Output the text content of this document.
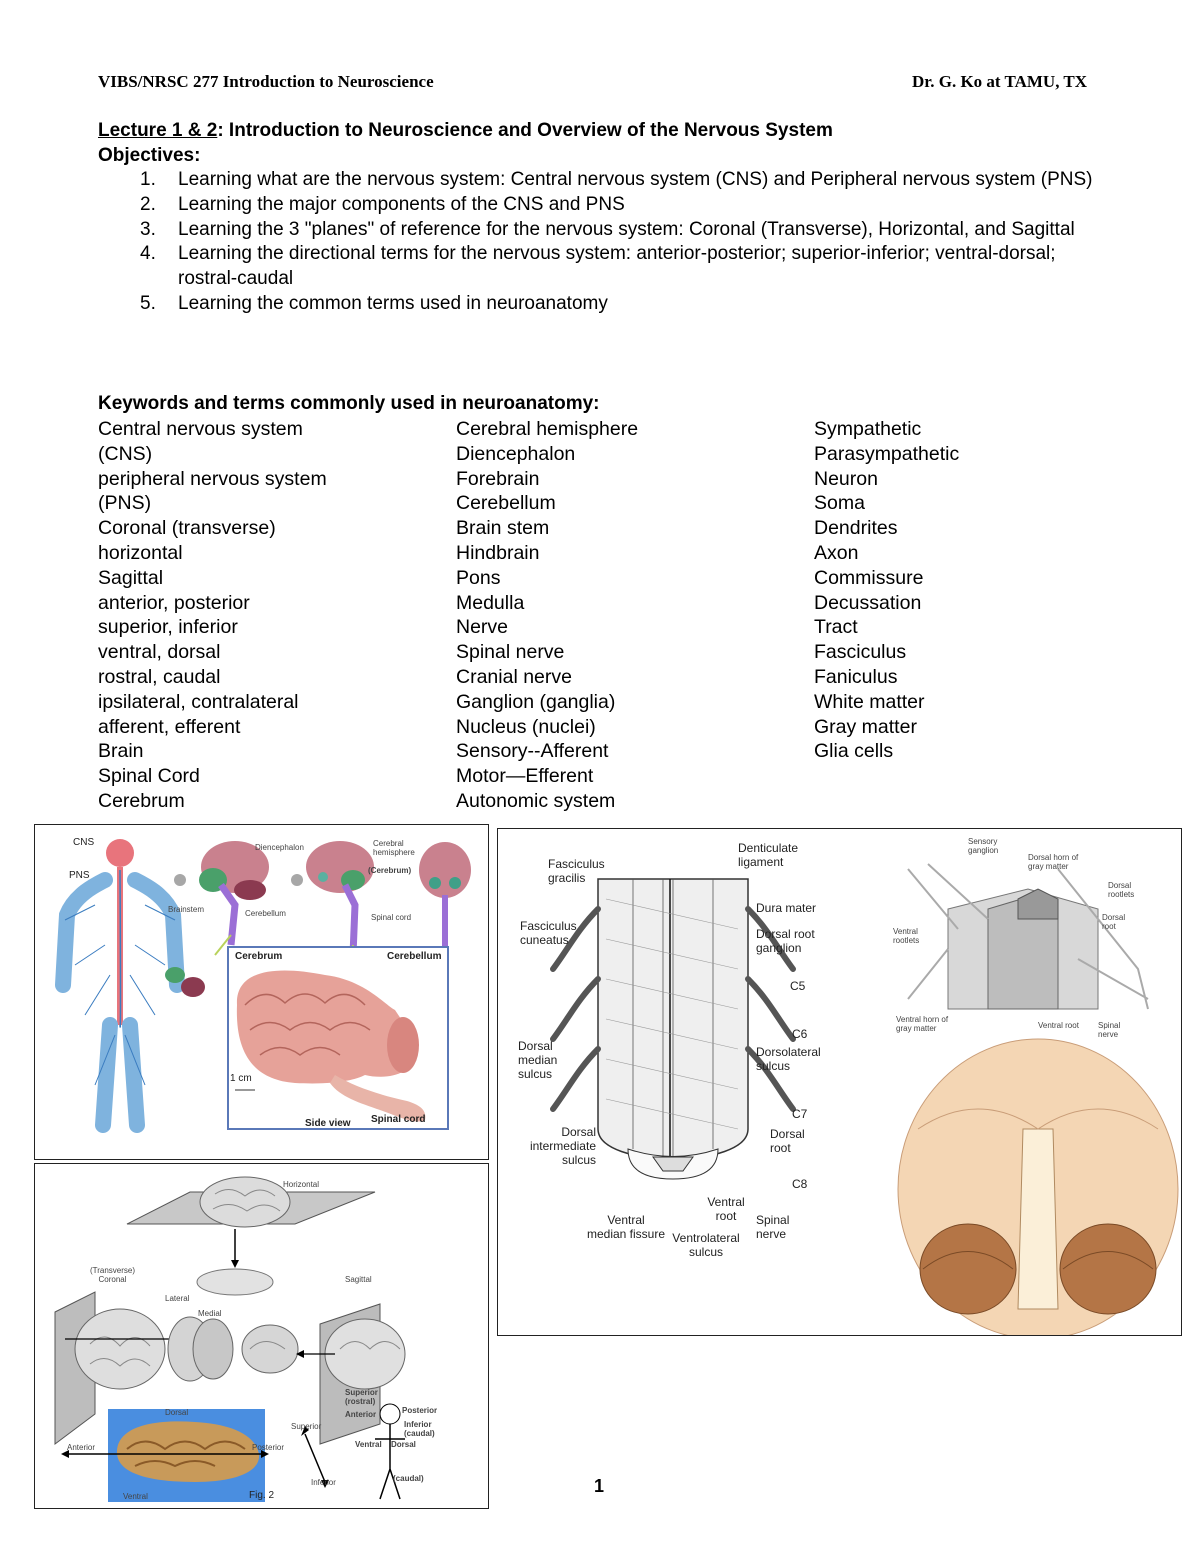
VIBS/NRSC 277 Introduction to Neuroscience	Dr. G. Ko at TAMU, TX
Lecture 1 & 2: Introduction to Neuroscience and Overview of the Nervous System
Objectives:
1. Learning what are the nervous system: Central nervous system (CNS) and Peripheral nervous system (PNS)
2. Learning the major components of the CNS and PNS
3. Learning the 3 "planes" of reference for the nervous system: Coronal (Transverse), Horizontal, and Sagittal
4. Learning the directional terms for the nervous system: anterior-posterior; superior-inferior; ventral-dorsal; rostral-caudal
5. Learning the common terms used in neuroanatomy
Keywords and terms commonly used in neuroanatomy:
Central nervous system
(CNS)
peripheral nervous system
(PNS)
Coronal (transverse)
horizontal
Sagittal
anterior, posterior
superior, inferior
ventral, dorsal
rostral, caudal
ipsilateral, contralateral
afferent, efferent
Brain
Spinal Cord
Cerebrum
Cerebral hemisphere
Diencephalon
Forebrain
Cerebellum
Brain stem
Hindbrain
Pons
Medulla
Nerve
Spinal nerve
Cranial nerve
Ganglion (ganglia)
Nucleus (nuclei)
Sensory--Afferent
Motor—Efferent
Autonomic system
Sympathetic
Parasympathetic
Neuron
Soma
Dendrites
Axon
Commissure
Decussation
Tract
Fasciculus
Faniculus
White matter
Gray matter
Glia cells
CNS
PNS
Diencephalon	Cerebral hemisphere
(Cerebrum)
Brainstem	Cerebellum	Spinal cord
Cerebrum	Cerebellum
1 cm
Side view Spinal cord
Horizontal
(Transverse) Coronal
Lateral
Medial
Sagittal
Dorsal
Anterior	Posterior
Ventral
Superior
Inferior
Fig. 2
Superior (rostral)
Anterior	Posterior
Inferior (caudal)
Ventral Dorsal
(caudal)
Fasciculus gracilis
Fasciculus cuneatus
Dorsal median sulcus
Dorsal intermediate sulcus
Ventral median fissure Ventrolateral sulcus
Ventral root	Spinal nerve
Denticulate ligament
Dura mater
Dorsal root ganglion
Dorsolateral sulcus
Dorsal root
C5
C6
C7
C8
Sensory ganglion
Dorsal horn of gray matter
Dorsal rootlets
Dorsal root
Ventral rootlets
Ventral horn of gray matter	Ventral root Spinal nerve
1
